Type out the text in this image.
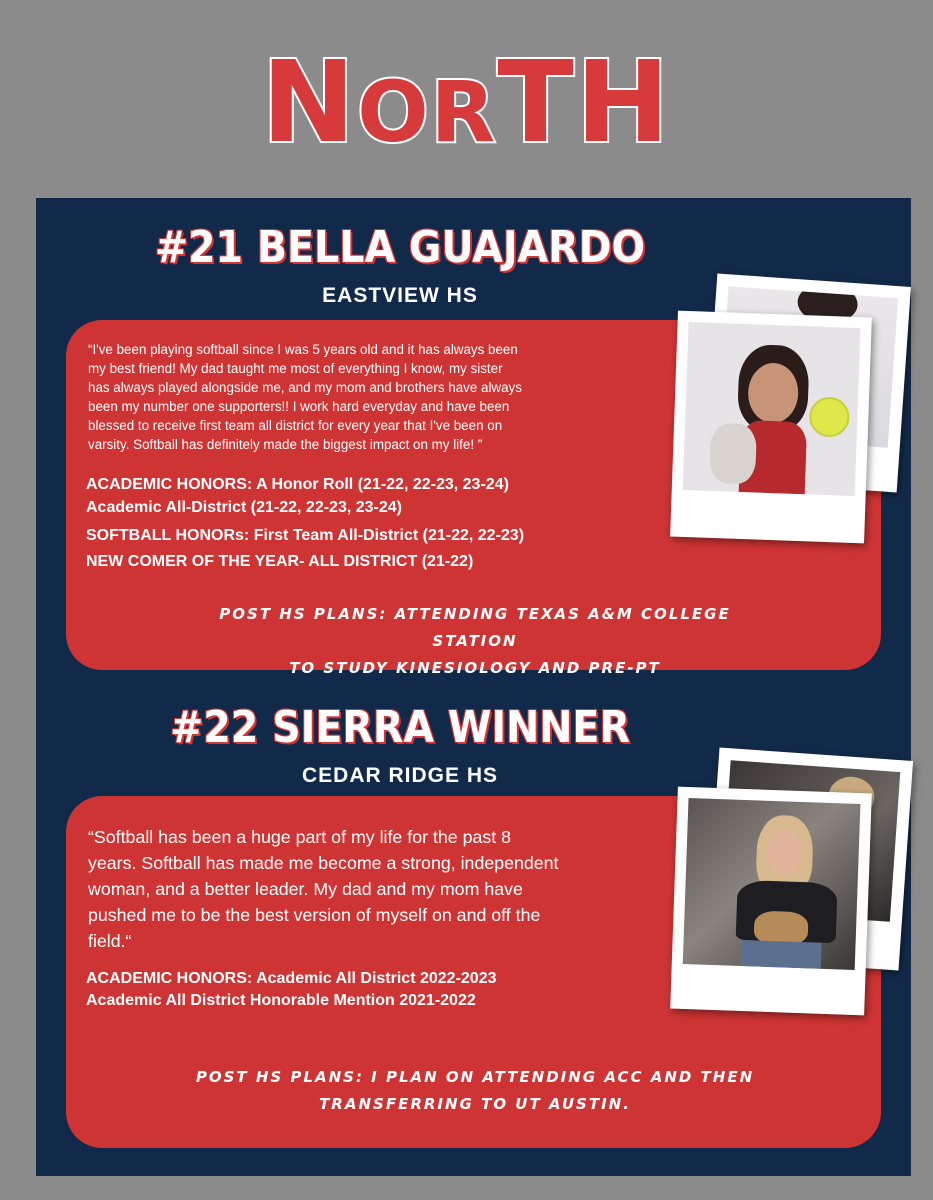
NORTH
#21 BELLA GUAJARDO
EASTVIEW HS
“I've been playing softball since I was 5 years old and it has always been
my best friend! My dad taught me most of everything I know, my sister
has always played alongside me, and my mom and brothers have always
been my number one supporters!! I work hard everyday and have been
blessed to receive first team all district for every year that I've been on
varsity. Softball has definitely made the biggest impact on my life! ”
ACADEMIC HONORS: A Honor Roll (21-22, 22-23, 23-24)
Academic All-District (21-22, 22-23, 23-24)
SOFTBALL HONORs: First Team All-District (21-22, 22-23)
NEW COMER OF THE YEAR- ALL DISTRICT (21-22)
POST HS PLANS: ATTENDING TEXAS A&M COLLEGE STATION
TO STUDY KINESIOLOGY AND PRE-PT
#22 SIERRA WINNER
CEDAR RIDGE HS
“Softball has been a huge part of my life for the past 8
years. Softball has made me become a strong, independent
woman, and a better leader. My dad and my mom have
pushed me to be the best version of myself on and off the
field.“
ACADEMIC HONORS: Academic All District 2022-2023
Academic All District Honorable Mention 2021-2022
POST HS PLANS: I PLAN ON ATTENDING ACC AND THEN
TRANSFERRING TO UT AUSTIN.
